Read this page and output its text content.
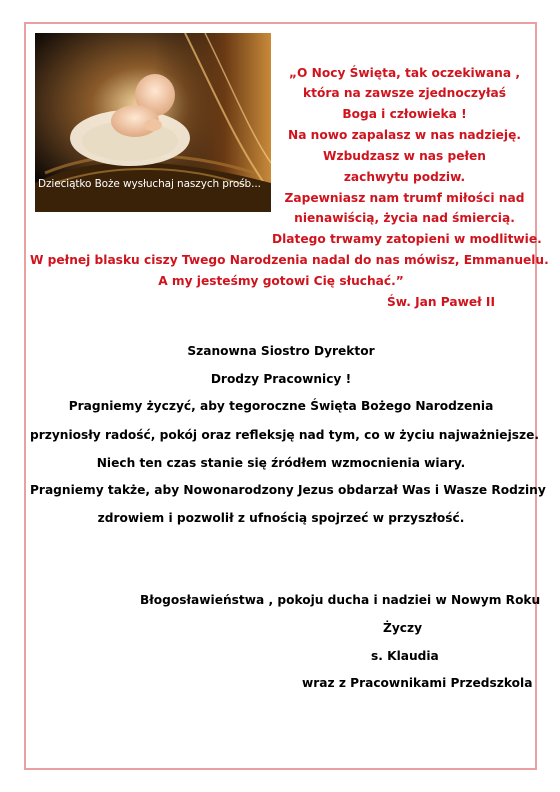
Dzieciątko Boże wysłuchaj naszych prośb...
„O Nocy Święta, tak oczekiwana ,
która na zawsze zjednoczyłaś
Boga i człowieka !
Na nowo zapalasz w nas nadzieję.
Wzbudzasz w nas pełen
zachwytu podziw.
Zapewniasz nam trumf miłości nad
nienawiścią, życia nad śmiercią.
Dlatego trwamy zatopieni w modlitwie.
W pełnej blasku ciszy Twego Narodzenia nadal do nas mówisz, Emmanuelu.
A my jesteśmy gotowi Cię słuchać.”
Św. Jan Paweł II
Szanowna Siostro Dyrektor
Drodzy Pracownicy !
Pragniemy życzyć, aby tegoroczne Święta Bożego Narodzenia
przyniosły radość, pokój oraz refleksję nad tym, co w życiu najważniejsze.
Niech ten czas stanie się źródłem wzmocnienia wiary.
Pragniemy także, aby Nowonarodzony Jezus obdarzał Was i Wasze Rodziny
zdrowiem i pozwolił z ufnością spojrzeć w przyszłość.
Błogosławieństwa , pokoju ducha i nadziei w Nowym Roku
Życzy
s. Klaudia
wraz z Pracownikami Przedszkola
